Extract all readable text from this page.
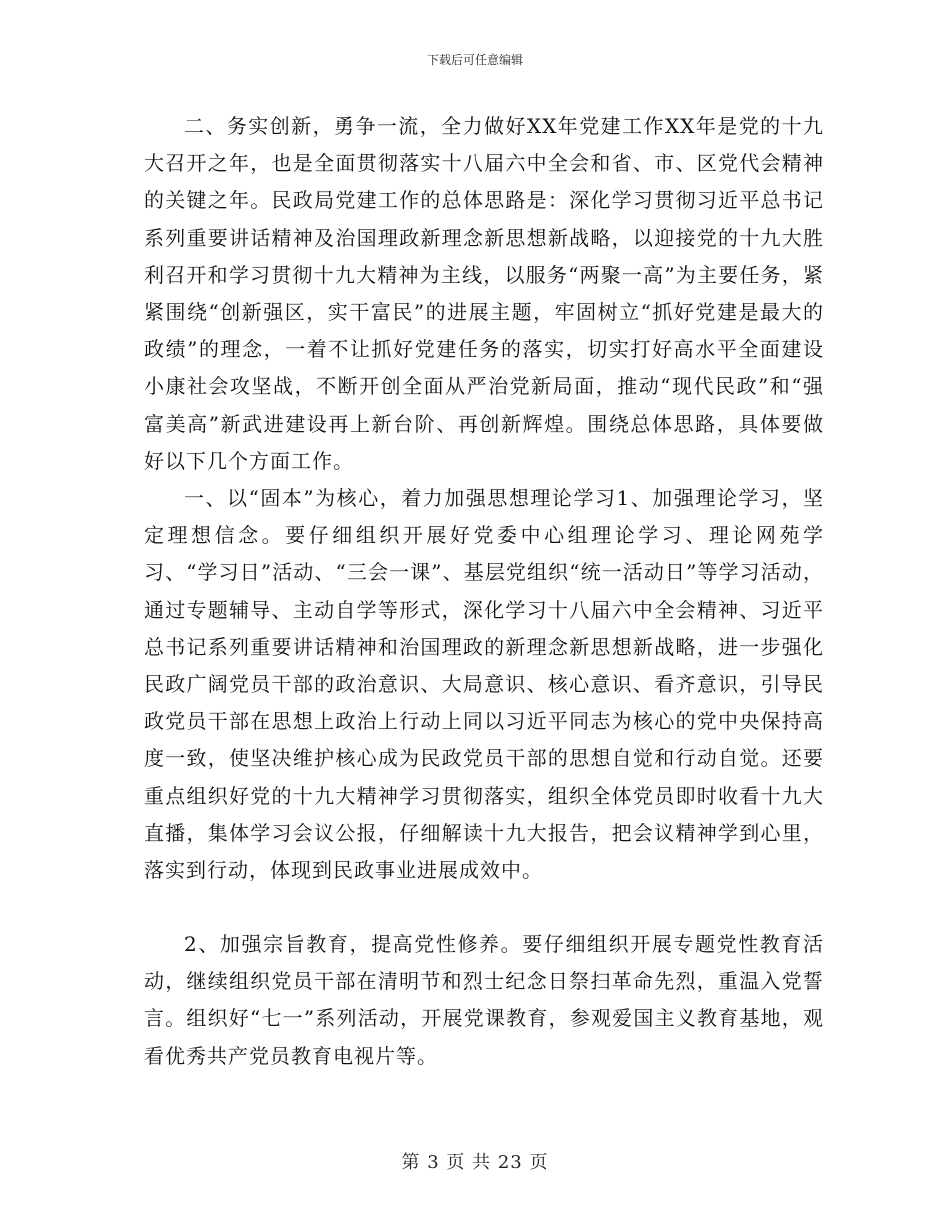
下载后可任意编辑

二、务实创新，勇争一流，全力做好XX年党建工作XX年是党的十九大召开之年，也是全面贯彻落实十八届六中全会和省、市、区党代会精神的关键之年。民政局党建工作的总体思路是：深化学习贯彻习近平总书记系列重要讲话精神及治国理政新理念新思想新战略，以迎接党的十九大胜利召开和学习贯彻十九大精神为主线，以服务“两聚一高”为主要任务，紧紧围绕“创新强区，实干富民”的进展主题，牢固树立“抓好党建是最大的政绩”的理念，一着不让抓好党建任务的落实，切实打好高水平全面建设小康社会攻坚战，不断开创全面从严治党新局面，推动“现代民政”和“强富美高”新武进建设再上新台阶、再创新辉煌。围绕总体思路，具体要做好以下几个方面工作。

一、以“固本”为核心，着力加强思想理论学习1、加强理论学习，坚定理想信念。要仔细组织开展好党委中心组理论学习、理论网苑学习、“学习日”活动、“三会一课”、基层党组织“统一活动日”等学习活动，通过专题辅导、主动自学等形式，深化学习十八届六中全会精神、习近平总书记系列重要讲话精神和治国理政的新理念新思想新战略，进一步强化民政广阔党员干部的政治意识、大局意识、核心意识、看齐意识，引导民政党员干部在思想上政治上行动上同以习近平同志为核心的党中央保持高度一致，使坚决维护核心成为民政党员干部的思想自觉和行动自觉。还要重点组织好党的十九大精神学习贯彻落实，组织全体党员即时收看十九大直播，集体学习会议公报，仔细解读十九大报告，把会议精神学到心里，落实到行动，体现到民政事业进展成效中。

2、加强宗旨教育，提高党性修养。要仔细组织开展专题党性教育活动，继续组织党员干部在清明节和烈士纪念日祭扫革命先烈，重温入党誓言。组织好“七一”系列活动，开展党课教育，参观爱国主义教育基地，观看优秀共产党员教育电视片等。

第 3 页 共 23 页
